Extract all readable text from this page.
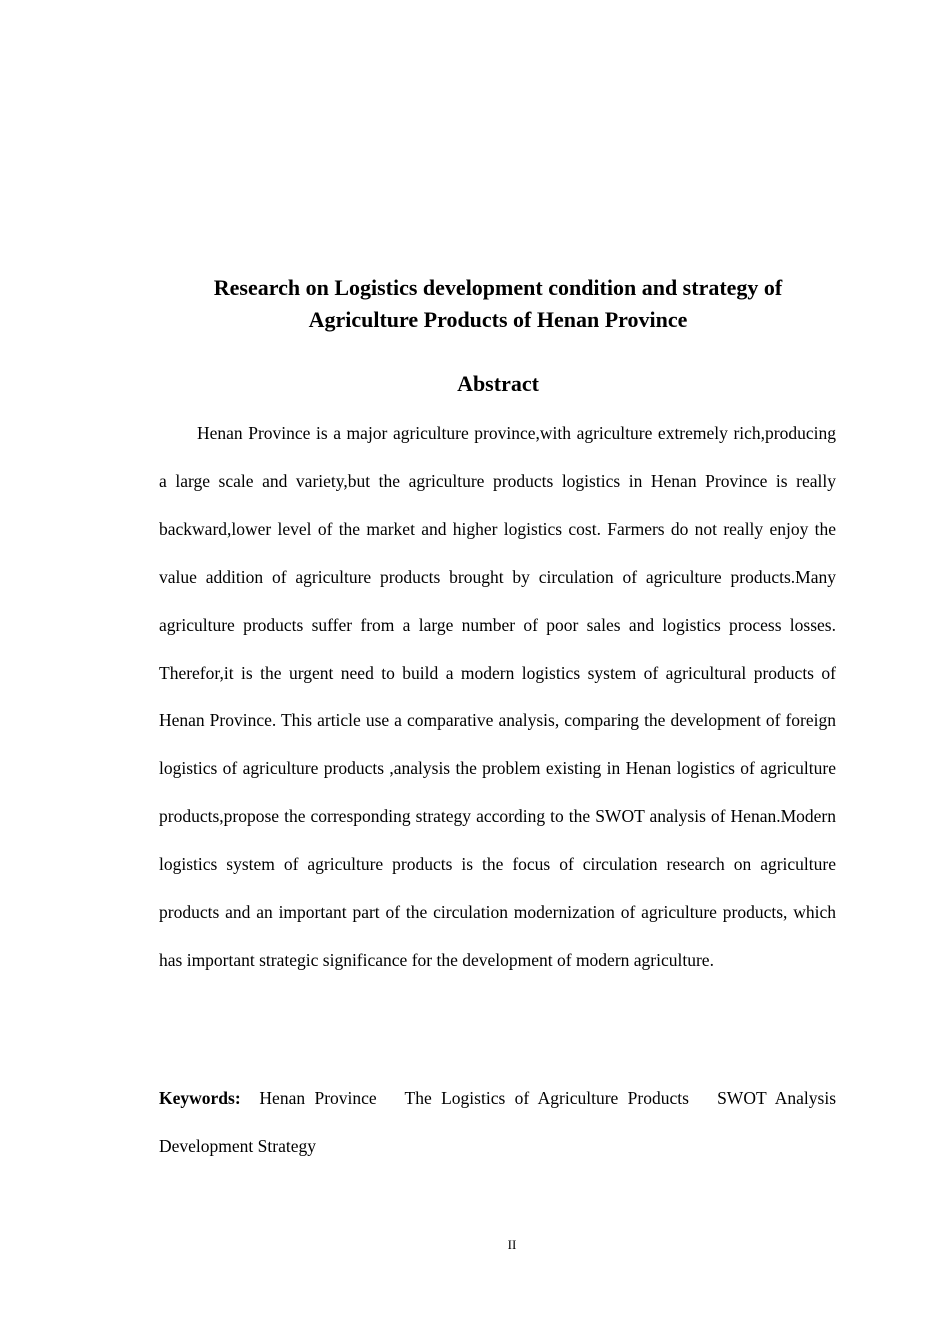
Research on Logistics development condition and strategy of

Agriculture Products of Henan Province

Abstract

Henan Province is a major agriculture province,with agriculture extremely rich,producing a large scale and variety,but the agriculture products logistics in Henan Province is really backward,lower level of the market and higher logistics cost. Farmers do not really enjoy the value addition of agriculture products brought by circulation of agriculture products.Many agriculture products suffer from a large number of poor sales and logistics process losses. Therefor,it is the urgent need to build a modern logistics system of agricultural products of Henan Province. This article use a comparative analysis, comparing the development of foreign logistics of agriculture products ,analysis the problem existing in Henan logistics of agriculture products,propose the corresponding strategy according to the SWOT analysis of Henan.Modern logistics system of agriculture products is the focus of circulation research on agriculture products and an important part of the circulation modernization of agriculture products, which has important strategic significance for the development of modern agriculture.

Keywords: Henan Province The Logistics of Agriculture Products SWOT Analysis Development Strategy

II
